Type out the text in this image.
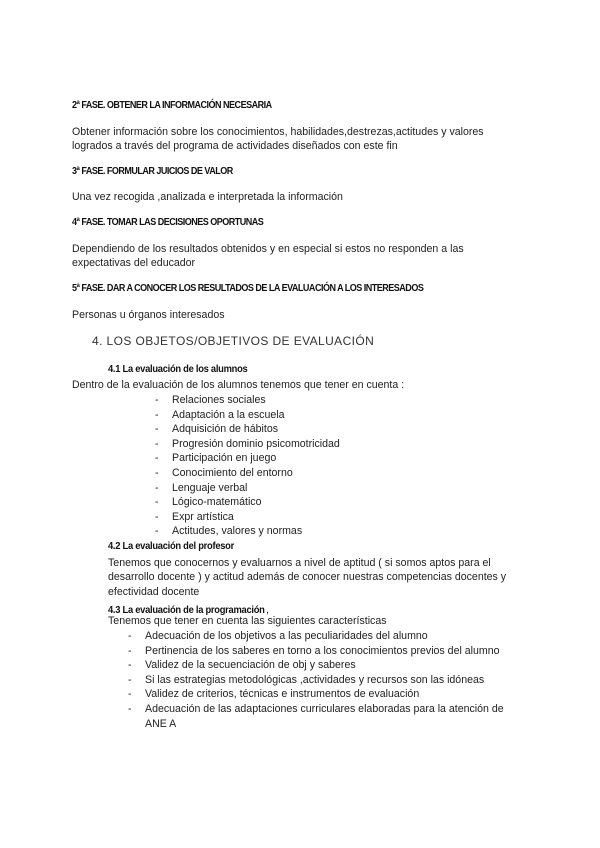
2ª FASE. OBTENER LA INFORMACIÓN NECESARIA
Obtener información sobre los conocimientos, habilidades,destrezas,actitudes y valores
logrados a través del programa de actividades diseñados con este fin
3ª FASE. FORMULAR JUICIOS DE VALOR
Una vez recogida ,analizada e interpretada la información
4ª FASE. TOMAR LAS DECISIONES OPORTUNAS
Dependiendo de los resultados obtenidos y en especial si estos no responden a las
expectativas del educador
5ª FASE. DAR A CONOCER LOS RESULTADOS DE LA EVALUACIÓN A LOS INTERESADOS
Personas u órganos interesados
4. LOS OBJETOS/OBJETIVOS DE EVALUACIÓN
4.1 La evaluación de los alumnos
Dentro de la evaluación de los alumnos tenemos que tener en cuenta :
- Relaciones sociales
- Adaptación a la escuela
- Adquisición de hábitos
- Progresión dominio psicomotricidad
- Participación en juego
- Conocimiento del entorno
- Lenguaje verbal
- Lógico-matemático
- Expr artística
- Actitudes, valores y normas
4.2 La evaluación del profesor
Tenemos que conocernos y evaluarnos a nivel de aptitud ( si somos aptos para el
desarrollo docente ) y actitud además de conocer nuestras competencias docentes y
efectividad docente
4.3 La evaluación de la programación,
Tenemos que tener en cuenta las siguientes características
- Adecuación de los objetivos a las peculiaridades del alumno
- Pertinencia de los saberes en torno a los conocimientos previos del alumno
- Validez de la secuenciación de obj y saberes
- Si las estrategias metodológicas ,actividades y recursos son las idóneas
- Validez de criterios, técnicas e instrumentos de evaluación
- Adecuación de las adaptaciones curriculares elaboradas para la atención de
ANE A
